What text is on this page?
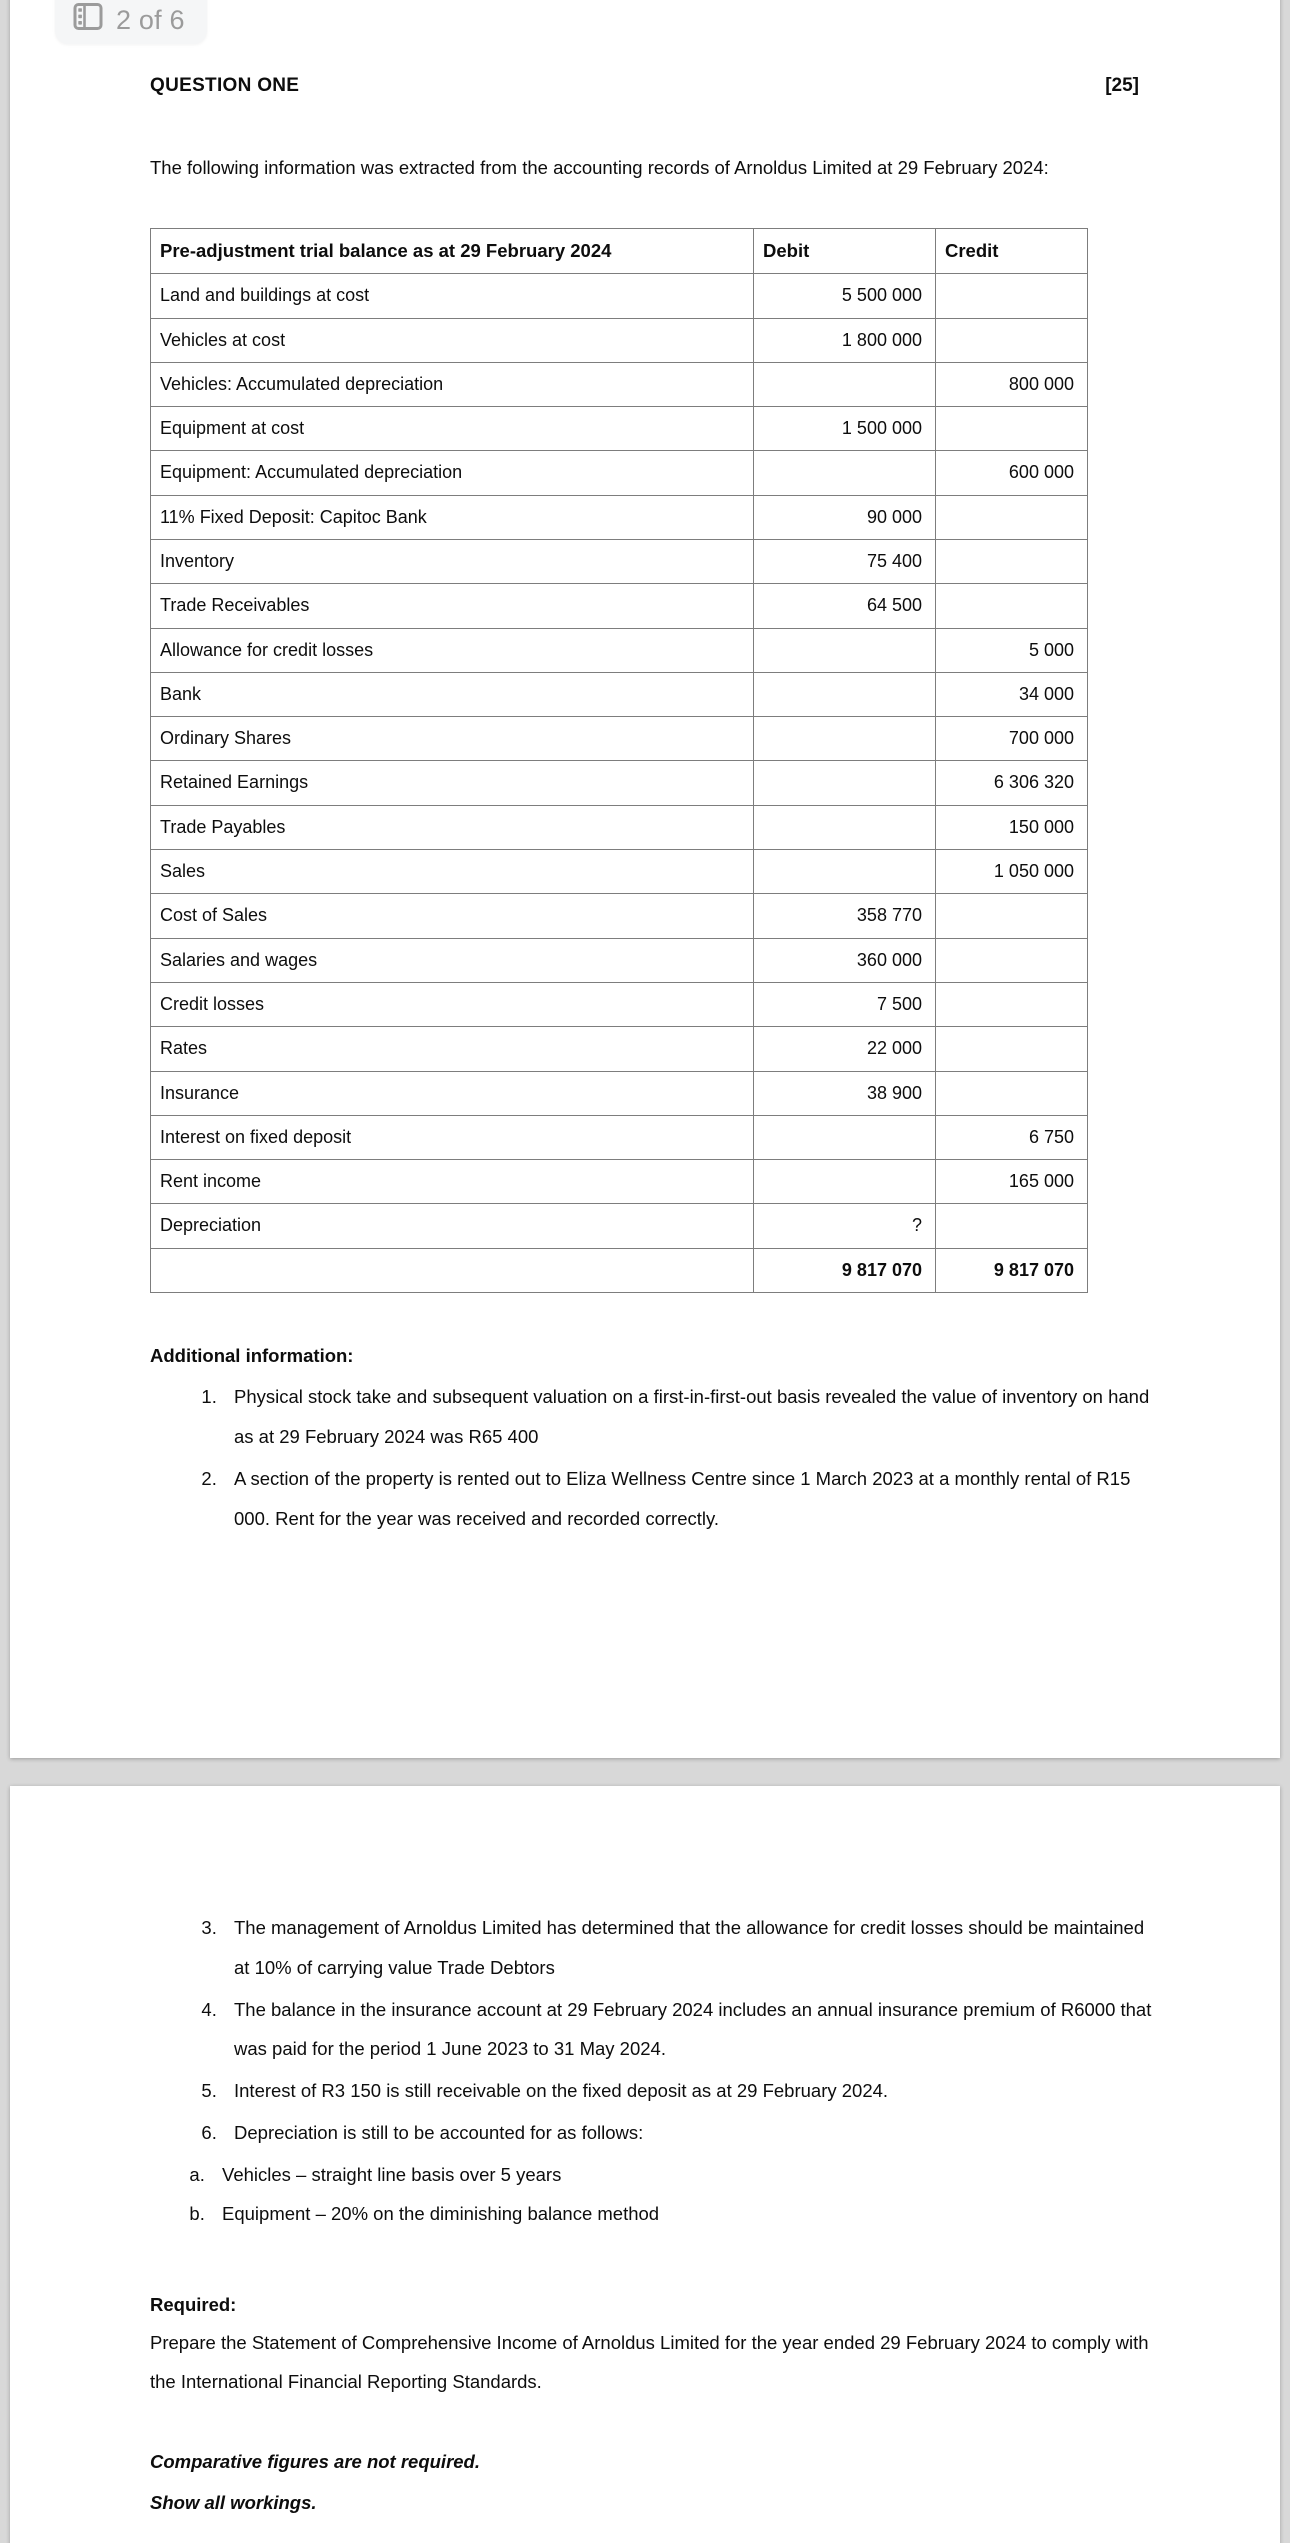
QUESTION ONE	[25]
The following information was extracted from the accounting records of Arnoldus Limited at 29 February 2024:
Pre-adjustment trial balance as at 29 February 2024	Debit	Credit
Land and buildings at cost	5 500 000	
Vehicles at cost	1 800 000	
Vehicles: Accumulated depreciation		800 000
Equipment at cost	1 500 000	
Equipment: Accumulated depreciation		600 000
11% Fixed Deposit: Capitoc Bank	90 000	
Inventory	75 400	
Trade Receivables	64 500	
Allowance for credit losses		5 000
Bank		34 000
Ordinary Shares		700 000
Retained Earnings		6 306 320
Trade Payables		150 000
Sales		1 050 000
Cost of Sales	358 770	
Salaries and wages	360 000	
Credit losses	7 500	
Rates	22 000	
Insurance	38 900	
Interest on fixed deposit		6 750
Rent income		165 000
Depreciation	?	
	9 817 070	9 817 070
Additional information:
1. Physical stock take and subsequent valuation on a first-in-first-out basis revealed the value of inventory on hand as at 29 February 2024 was R65 400
2. A section of the property is rented out to Eliza Wellness Centre since 1 March 2023 at a monthly rental of R15 000. Rent for the year was received and recorded correctly.
3. The management of Arnoldus Limited has determined that the allowance for credit losses should be maintained at 10% of carrying value Trade Debtors
4. The balance in the insurance account at 29 February 2024 includes an annual insurance premium of R6000 that was paid for the period 1 June 2023 to 31 May 2024.
5. Interest of R3 150 is still receivable on the fixed deposit as at 29 February 2024.
6. Depreciation is still to be accounted for as follows:
a. Vehicles – straight line basis over 5 years
b. Equipment – 20% on the diminishing balance method
Required:
Prepare the Statement of Comprehensive Income of Arnoldus Limited for the year ended 29 February 2024 to comply with the International Financial Reporting Standards.
Comparative figures are not required.
Show all workings.
2 of 6
